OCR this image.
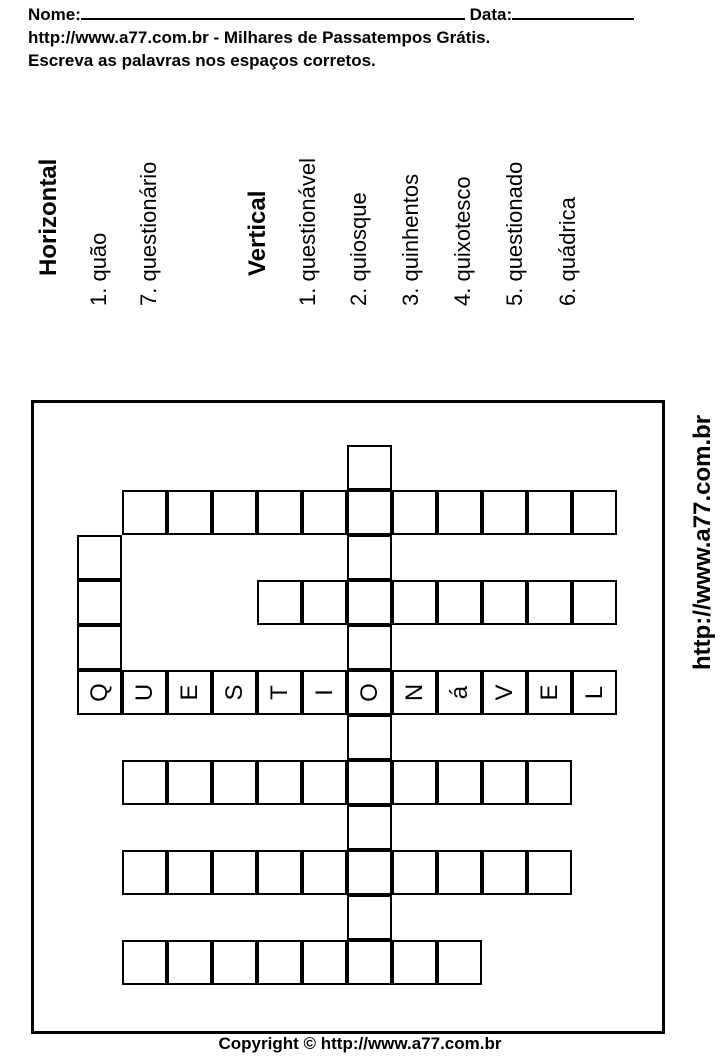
Nome:	Data:
http://www.a77.com.br - Milhares de Passatempos Grátis.
Escreva as palavras nos espaços corretos.
Horizontal 1. quão 7. questionário	Vertical 1. questionável 2. quiosque 3. quinhentos 4. quixotesco 5. questionado 6. quádrica
Q U E S T I O N á V E L
http://www.a77.com.br
Copyright © http://www.a77.com.br
